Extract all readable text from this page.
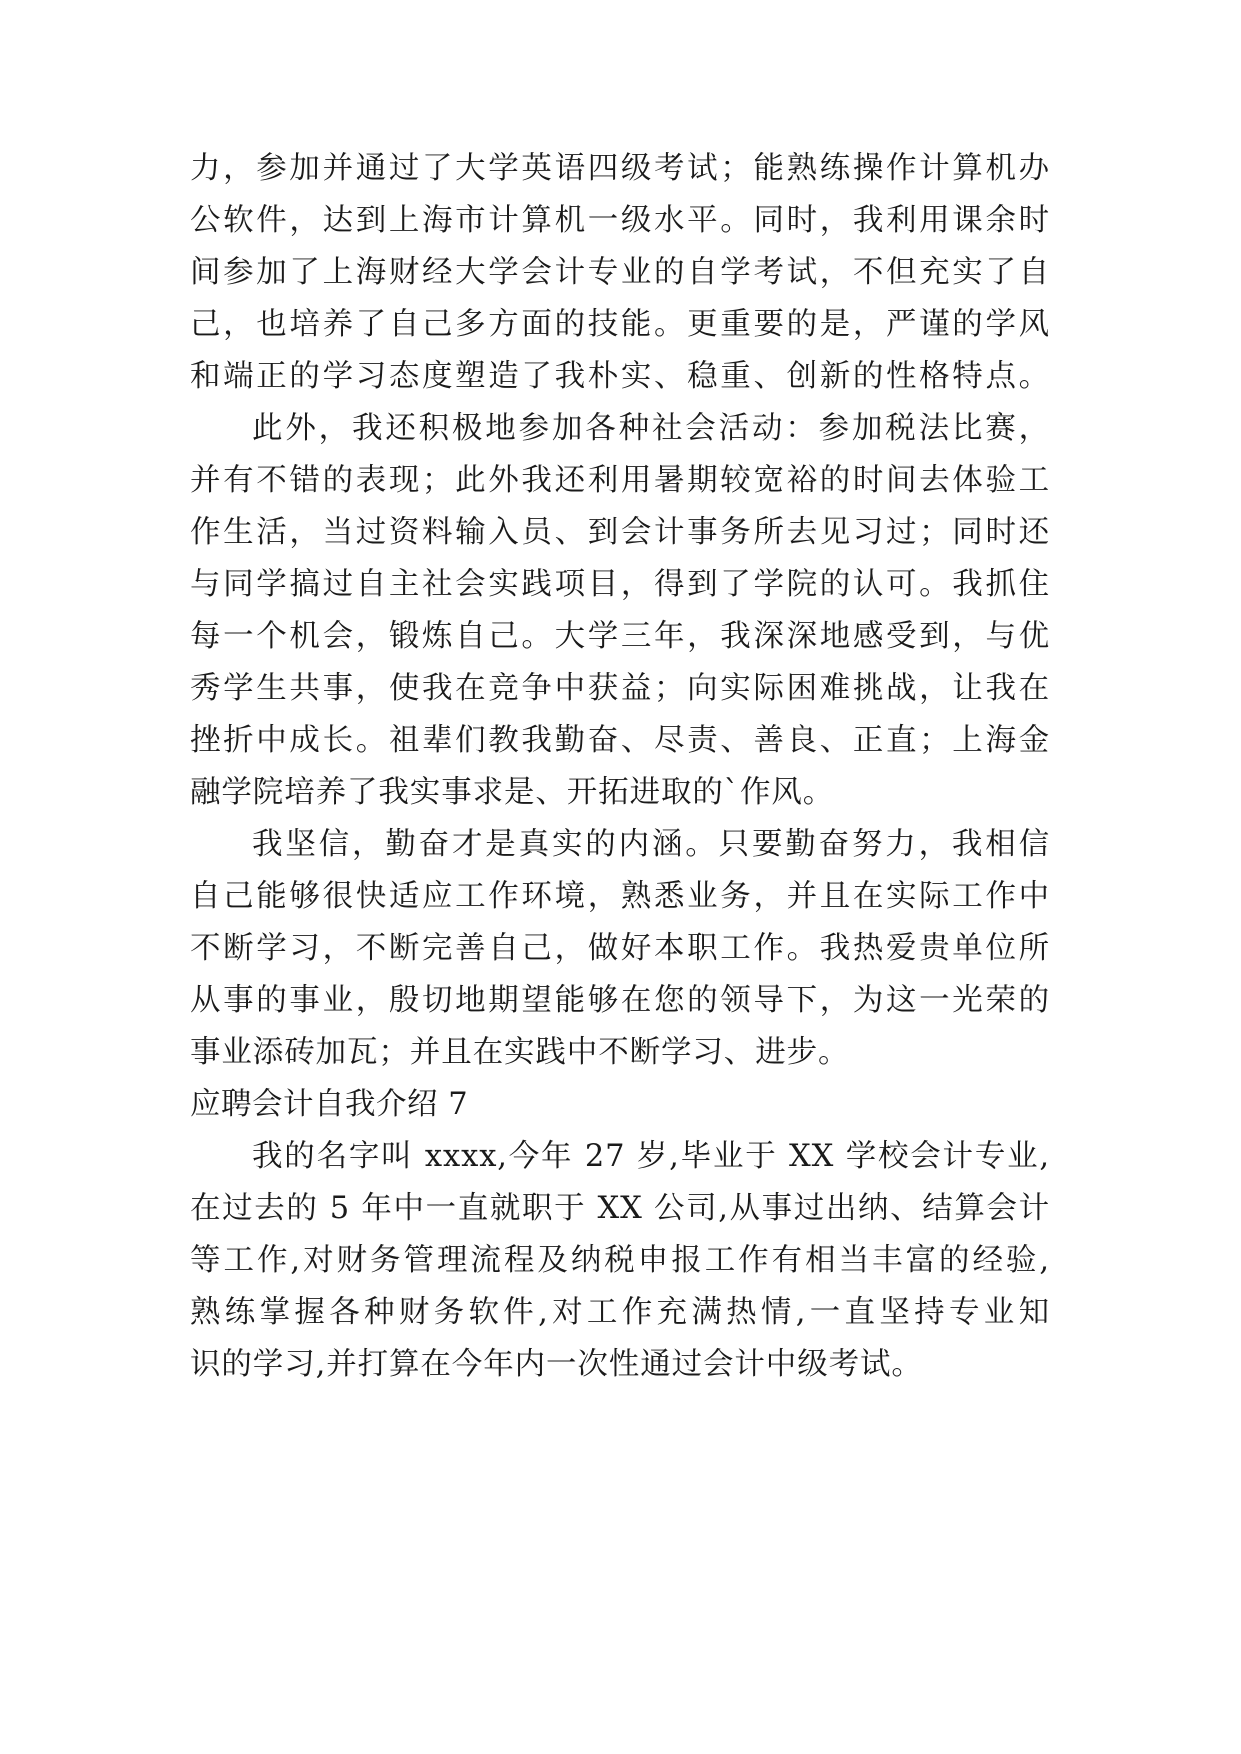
力，参加并通过了大学英语四级考试；能熟练操作计算机办
公软件，达到上海市计算机一级水平。同时，我利用课余时
间参加了上海财经大学会计专业的自学考试，不但充实了自
己，也培养了自己多方面的技能。更重要的是，严谨的学风
和端正的学习态度塑造了我朴实、稳重、创新的性格特点。
此外，我还积极地参加各种社会活动：参加税法比赛，
并有不错的表现；此外我还利用暑期较宽裕的时间去体验工
作生活，当过资料输入员、到会计事务所去见习过；同时还
与同学搞过自主社会实践项目，得到了学院的认可。我抓住
每一个机会，锻炼自己。大学三年，我深深地感受到，与优
秀学生共事，使我在竞争中获益；向实际困难挑战，让我在
挫折中成长。祖辈们教我勤奋、尽责、善良、正直；上海金
融学院培养了我实事求是、开拓进取的`作风。
我坚信，勤奋才是真实的内涵。只要勤奋努力，我相信
自己能够很快适应工作环境，熟悉业务，并且在实际工作中
不断学习，不断完善自己，做好本职工作。我热爱贵单位所
从事的事业，殷切地期望能够在您的领导下，为这一光荣的
事业添砖加瓦；并且在实践中不断学习、进步。
应聘会计自我介绍 7
我的名字叫 xxxx,今年 27 岁,毕业于 XX 学校会计专业,
在过去的 5 年中一直就职于 XX 公司,从事过出纳、结算会计
等工作,对财务管理流程及纳税申报工作有相当丰富的经验,
熟练掌握各种财务软件,对工作充满热情,一直坚持专业知
识的学习,并打算在今年内一次性通过会计中级考试。
